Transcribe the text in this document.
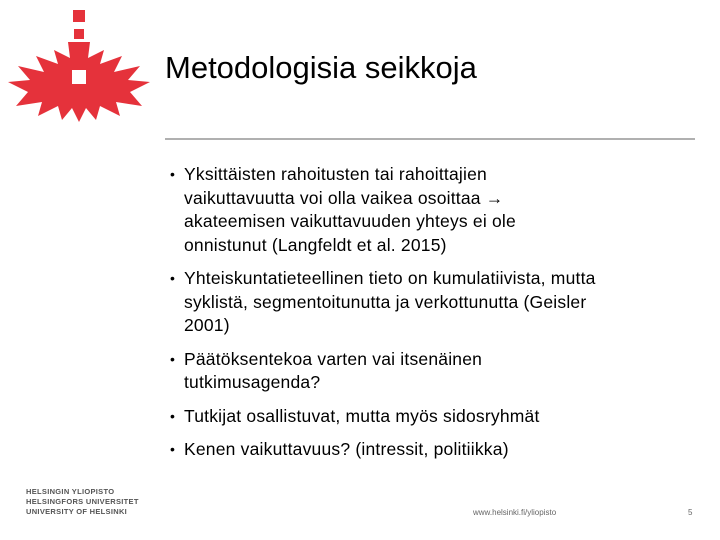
Metodologisia seikkoja
• Yksittäisten rahoitusten tai rahoittajien
vaikuttavuutta voi olla vaikea osoittaa →
akateemisen vaikuttavuuden yhteys ei ole
onnistunut (Langfeldt et al. 2015)
• Yhteiskuntatieteellinen tieto on kumulatiivista, mutta
syklistä, segmentoitunutta ja verkottunutta (Geisler
2001)
• Päätöksentekoa varten vai itsenäinen
tutkimusagenda?
• Tutkijat osallistuvat, mutta myös sidosryhmät
• Kenen vaikuttavuus? (intressit, politiikka)
HELSINGIN YLIOPISTO
HELSINGFORS UNIVERSITET
UNIVERSITY OF HELSINKI	www.helsinki.fi/yliopisto	5
